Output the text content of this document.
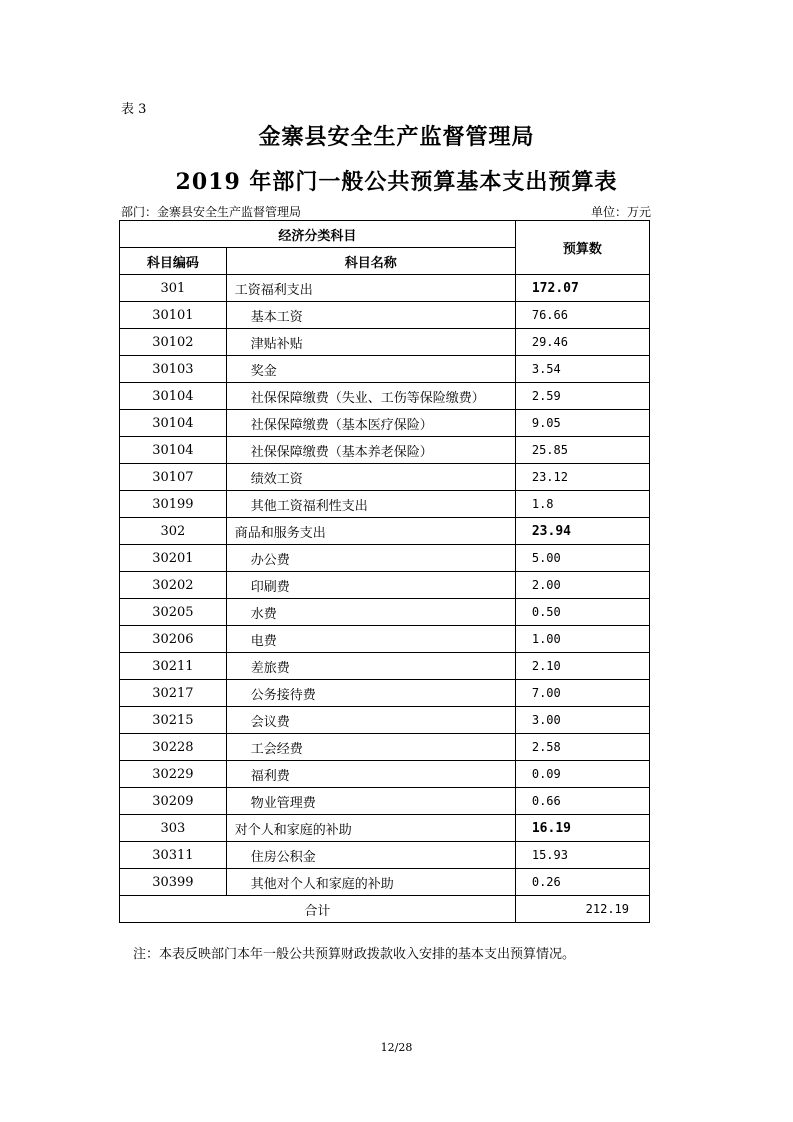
表 3
金寨县安全生产监督管理局
2019 年部门一般公共预算基本支出预算表
部门：金寨县安全生产监督管理局	单位：万元
经济分类科目		预算数
科目编码	科目名称	
301	工资福利支出	172.07
30101	基本工资	76.66
30102	津贴补贴	29.46
30103	奖金	3.54
30104	社保保障缴费（失业、工伤等保险缴费）	2.59
30104	社保保障缴费（基本医疗保险）	9.05
30104	社保保障缴费（基本养老保险）	25.85
30107	绩效工资	23.12
30199	其他工资福利性支出	1.8
302	商品和服务支出	23.94
30201	办公费	5.00
30202	印刷费	2.00
30205	水费	0.50
30206	电费	1.00
30211	差旅费	2.10
30217	公务接待费	7.00
30215	会议费	3.00
30228	工会经费	2.58
30229	福利费	0.09
30209	物业管理费	0.66
303	对个人和家庭的补助	16.19
30311	住房公积金	15.93
30399	其他对个人和家庭的补助	0.26
合计		212.19
注：本表反映部门本年一般公共预算财政拨款收入安排的基本支出预算情况。
12/28
